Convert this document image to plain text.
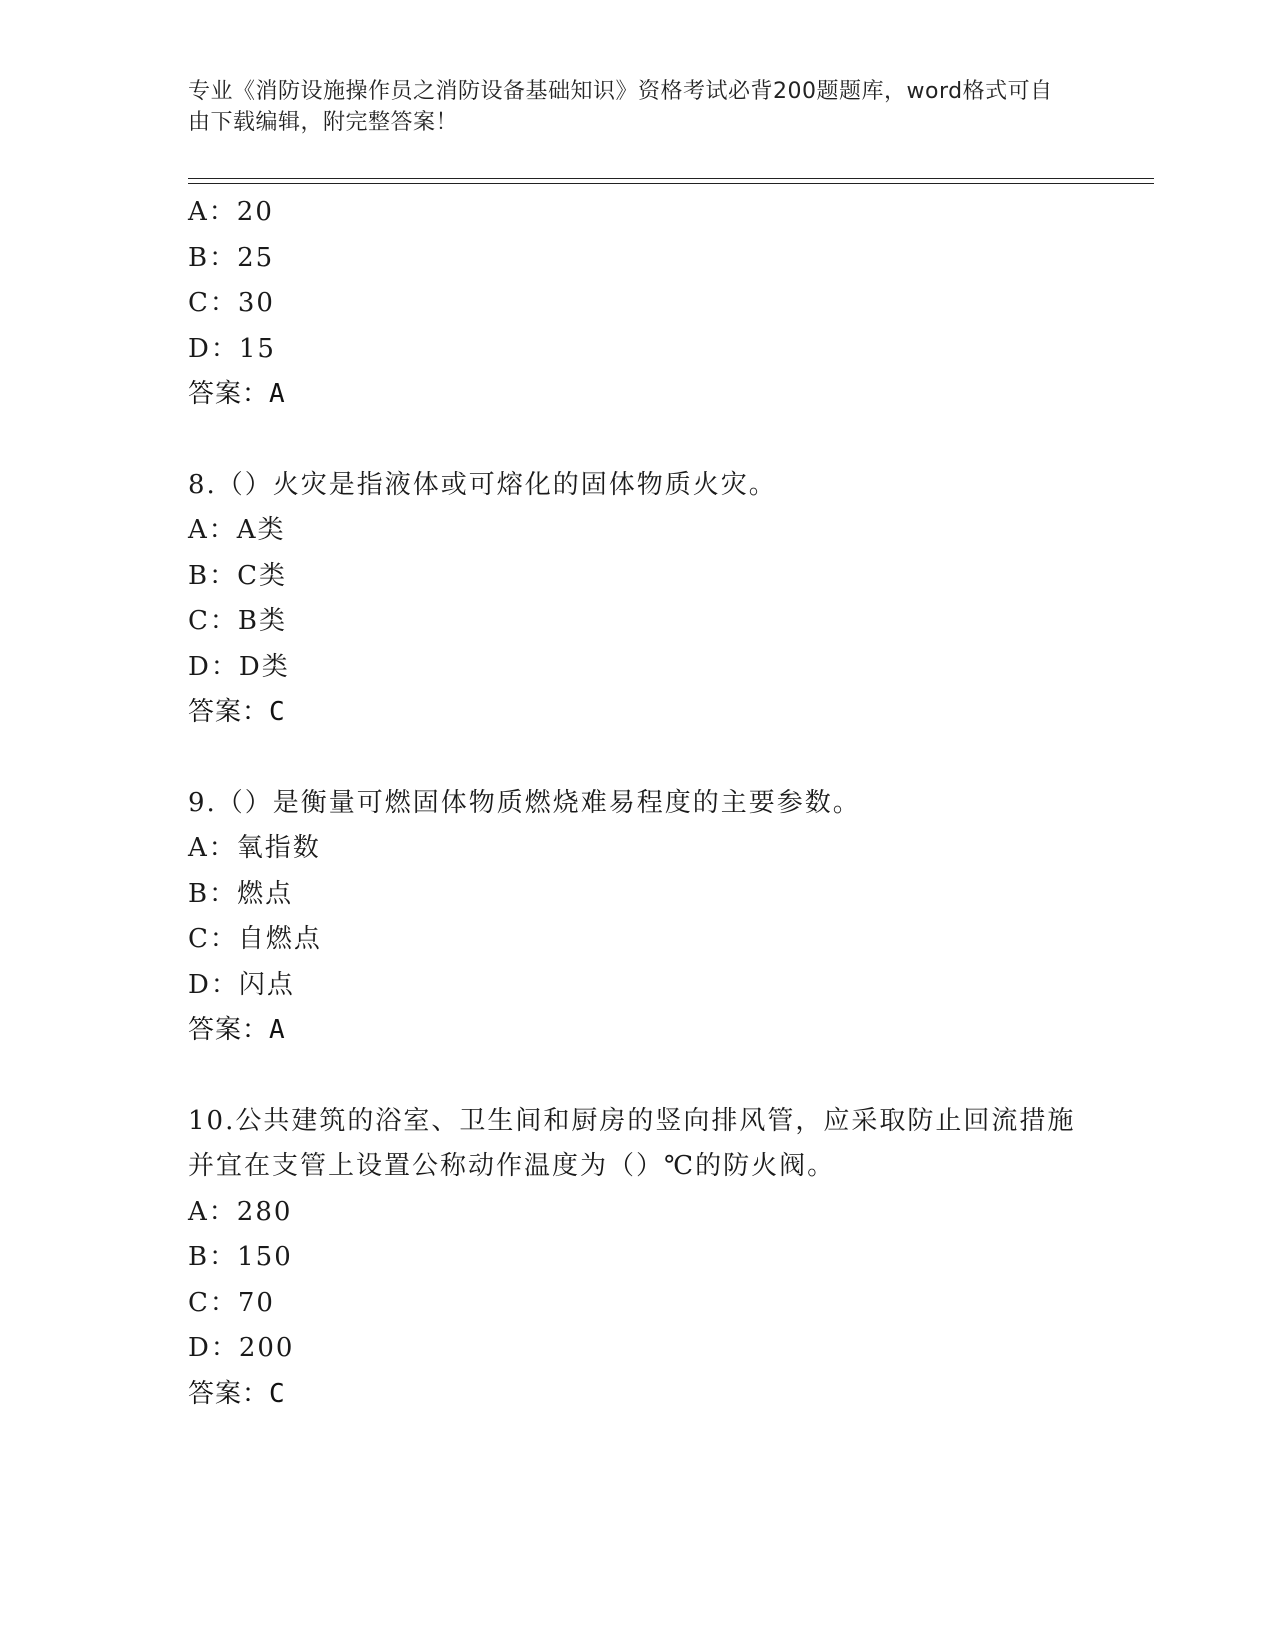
专业《消防设施操作员之消防设备基础知识》资格考试必背200题题库，word格式可自由下载编辑，附完整答案！
A：20
B：25
C：30
D：15
答案：A
8.（）火灾是指液体或可熔化的固体物质火灾。
A：A类
B：C类
C：B类
D：D类
答案：C
9.（）是衡量可燃固体物质燃烧难易程度的主要参数。
A：氧指数
B：燃点
C：自燃点
D：闪点
答案：A
10.公共建筑的浴室、卫生间和厨房的竖向排风管，应采取防止回流措施并宜在支管上设置公称动作温度为（）℃的防火阀。
A：280
B：150
C：70
D：200
答案：C
